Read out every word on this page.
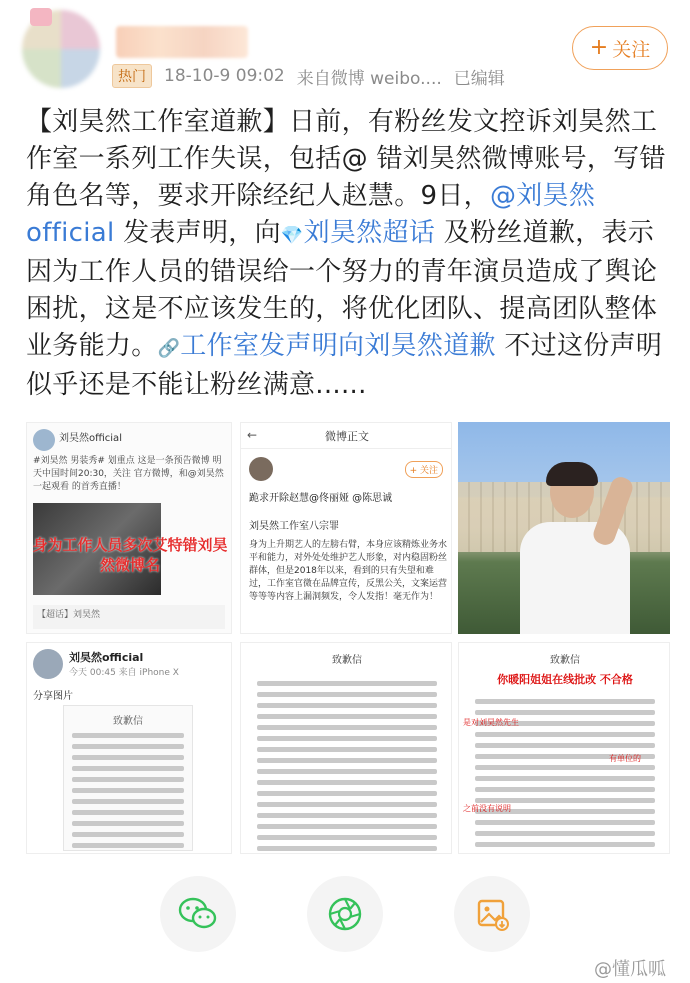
热门	18-10-9 09:02 来自微博 weibo.... 已编辑
+ 关注
【刘昊然工作室道歉】日前，有粉丝发文控诉刘昊然工作室一系列工作失误，包括@ 错刘昊然微博账号，写错角色名等，要求开除经纪人赵慧。9日，@刘昊然official 发表声明，向💎刘昊然超话 及粉丝道歉，表示因为工作人员的错误给一个努力的青年演员造成了舆论困扰，这是不应该发生的，将优化团队、提高团队整体业务能力。🔗工作室发声明向刘昊然道歉 不过这份声明似乎还是不能让粉丝满意......
刘昊然official
#刘昊然 男装秀# 划重点 这是一条预告微博 明天中国时间20:30，关注 官方微博，和@刘昊然 一起观看 的首秀直播！
身为工作人员多次艾特错刘昊然微博名
【超话】刘昊然
←	微博正文
+ 关注
跪求开除赵慧@佟丽娅 @陈思诚
刘昊然工作室八宗罪
身为上升期艺人的左膀右臂，本身应该精炼业务水平和能力，对外处处维护艺人形象，对内稳固粉丝群体，但是2018年以来，看到的只有失望和难过，工作室官微在品牌宣传，反黑公关，文案运营等等等内容上漏洞频发，令人发指！毫无作为！
刘昊然official
今天 00:45 来自 iPhone X
分享图片
致歉信
致歉信	致歉信
你暖阳姐姐在线批改 不合格
是对刘昊然先生
有单位的
之前没有说明
@懂瓜呱
